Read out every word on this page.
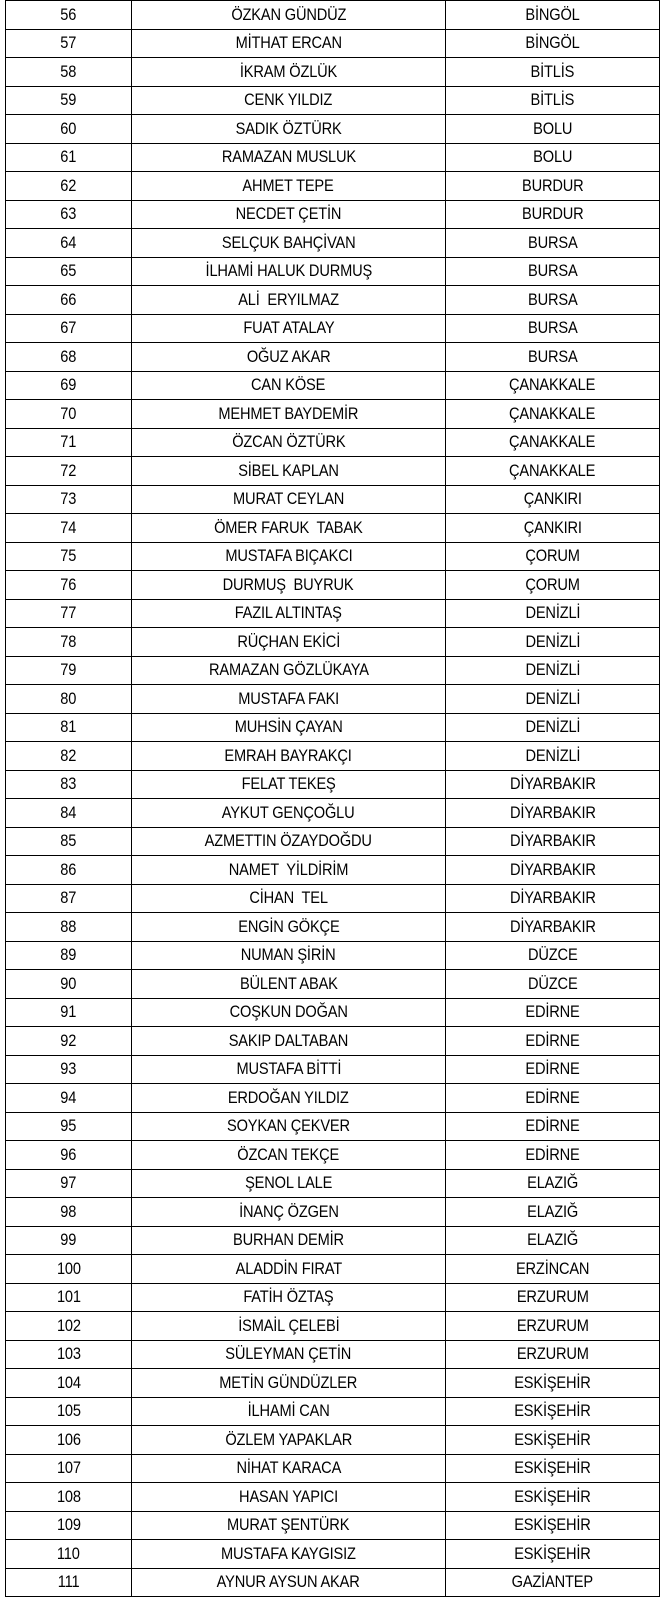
56	ÖZKAN GÜNDÜZ	BİNGÖL
57	MİTHAT ERCAN	BİNGÖL
58	İKRAM ÖZLÜK	BİTLİS
59	CENK YILDIZ	BİTLİS
60	SADIK ÖZTÜRK	BOLU
61	RAMAZAN MUSLUK	BOLU
62	AHMET TEPE	BURDUR
63	NECDET ÇETİN	BURDUR
64	SELÇUK BAHÇİVAN	BURSA
65	İLHAMİ HALUK DURMUŞ	BURSA
66	ALİ  ERYILMAZ	BURSA
67	FUAT ATALAY	BURSA
68	OĞUZ AKAR	BURSA
69	CAN KÖSE	ÇANAKKALE
70	MEHMET BAYDEMİR	ÇANAKKALE
71	ÖZCAN ÖZTÜRK	ÇANAKKALE
72	SİBEL KAPLAN	ÇANAKKALE
73	MURAT CEYLAN	ÇANKIRI
74	ÖMER FARUK  TABAK	ÇANKIRI
75	MUSTAFA BIÇAKCI	ÇORUM
76	DURMUŞ  BUYRUK	ÇORUM
77	FAZIL ALTINTAŞ	DENİZLİ
78	RÜÇHAN EKİCİ	DENİZLİ
79	RAMAZAN GÖZLÜKAYA	DENİZLİ
80	MUSTAFA FAKI	DENİZLİ
81	MUHSİN ÇAYAN	DENİZLİ
82	EMRAH BAYRAKÇI	DENİZLİ
83	FELAT TEKEŞ	DİYARBAKIR
84	AYKUT GENÇOĞLU	DİYARBAKIR
85	AZMETTIN ÖZAYDOĞDU	DİYARBAKIR
86	NAMET  YİLDİRİM	DİYARBAKIR
87	CİHAN  TEL	DİYARBAKIR
88	ENGİN GÖKÇE	DİYARBAKIR
89	NUMAN ŞİRİN	DÜZCE
90	BÜLENT ABAK	DÜZCE
91	COŞKUN DOĞAN	EDİRNE
92	SAKIP DALTABAN	EDİRNE
93	MUSTAFA BİTTİ	EDİRNE
94	ERDOĞAN YILDIZ	EDİRNE
95	SOYKAN ÇEKVER	EDİRNE
96	ÖZCAN TEKÇE	EDİRNE
97	ŞENOL LALE	ELAZIĞ
98	İNANÇ ÖZGEN	ELAZIĞ
99	BURHAN DEMİR	ELAZIĞ
100	ALADDİN FIRAT	ERZİNCAN
101	FATİH ÖZTAŞ	ERZURUM
102	İSMAİL ÇELEBİ	ERZURUM
103	SÜLEYMAN ÇETİN	ERZURUM
104	METİN GÜNDÜZLER	ESKİŞEHİR
105	İLHAMİ CAN	ESKİŞEHİR
106	ÖZLEM YAPAKLAR	ESKİŞEHİR
107	NİHAT KARACA	ESKİŞEHİR
108	HASAN YAPICI	ESKİŞEHİR
109	MURAT ŞENTÜRK	ESKİŞEHİR
110	MUSTAFA KAYGISIZ	ESKİŞEHİR
111	AYNUR AYSUN AKAR	GAZİANTEP
